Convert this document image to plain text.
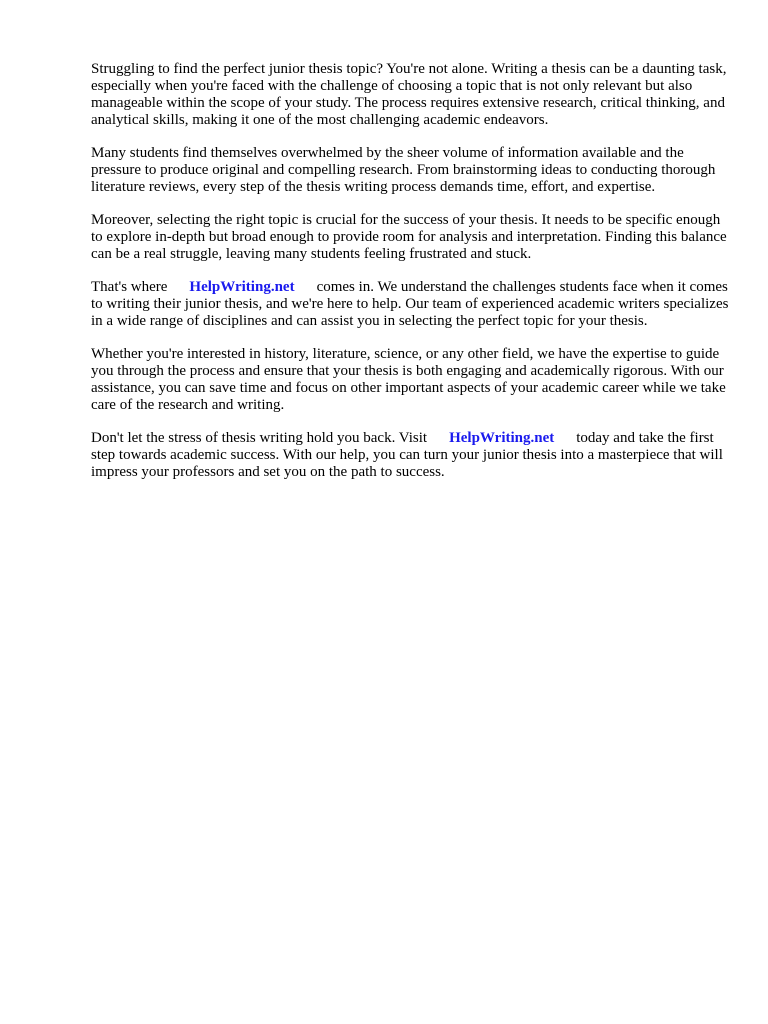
Struggling to find the perfect junior thesis topic? You're not alone. Writing a thesis can be a daunting task, especially when you're faced with the challenge of choosing a topic that is not only relevant but also manageable within the scope of your study. The process requires extensive research, critical thinking, and analytical skills, making it one of the most challenging academic endeavors.

Many students find themselves overwhelmed by the sheer volume of information available and the pressure to produce original and compelling research. From brainstorming ideas to conducting thorough literature reviews, every step of the thesis writing process demands time, effort, and expertise.

Moreover, selecting the right topic is crucial for the success of your thesis. It needs to be specific enough to explore in-depth but broad enough to provide room for analysis and interpretation. Finding this balance can be a real struggle, leaving many students feeling frustrated and stuck.

That's where HelpWriting.net comes in. We understand the challenges students face when it comes to writing their junior thesis, and we're here to help. Our team of experienced academic writers specializes in a wide range of disciplines and can assist you in selecting the perfect topic for your thesis.

Whether you're interested in history, literature, science, or any other field, we have the expertise to guide you through the process and ensure that your thesis is both engaging and academically rigorous. With our assistance, you can save time and focus on other important aspects of your academic career while we take care of the research and writing.

Don't let the stress of thesis writing hold you back. Visit HelpWriting.net today and take the first step towards academic success. With our help, you can turn your junior thesis into a masterpiece that will impress your professors and set you on the path to success.
